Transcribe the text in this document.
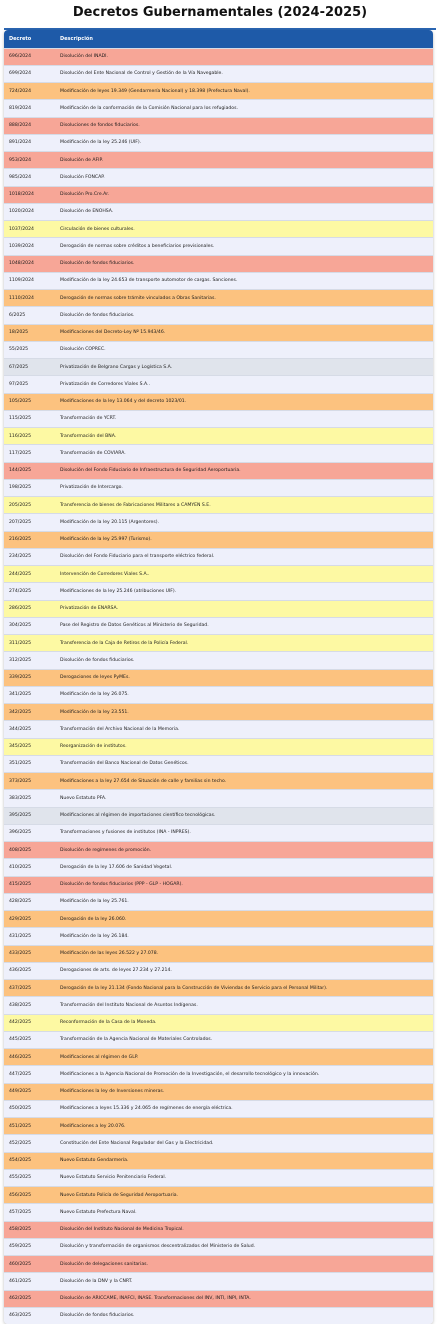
Decretos Gubernamentales (2024-2025)
Decreto	Descripción
696/2024	Disolución del INADI.
699/2024	Disolución del Ente Nacional de Control y Gestión de la Vía Navegable.
724/2024	Modificación de leyes 19.349 (Gendarmería Nacional) y 18.398 (Prefectura Naval).
819/2024	Modificación de la conformación de la Comisión Nacional para los refugiados.
888/2024	Disoluciones de fondos fiduciarios.
891/2024	Modificación de la ley 25.246 (UIF).
953/2024	Disolución de AFIP.
985/2024	Disolución FONCAP.
1018/2024	Disolución Pro.Cre.Ar.
1020/2024	Disolución de ENOHSA.
1037/2024	Circulación de bienes culturales.
1039/2024	Derogación de normas sobre créditos a beneficiarios previsionales.
1048/2024	Disolución de fondos fiduciarios.
1109/2024	Modificación de la ley 24.653 de transporte automotor de cargas. Sanciones.
1110/2024	Derogación de normas sobre trámite vinculados a Obras Sanitarias.
6/2025	Disolución de fondos fiduciarios.
18/2025	Modificaciones del Decreto-Ley Nº 15.943/46.
55/2025	Disolución COPREC.
67/2025	Privatización de Belgrano Cargas y Logística S.A.
97/2025	Privatización de Corredores Viales S.A..
105/2025	Modificaciones de la ley 13.064 y del decreto 1023/01.
115/2025	Transformación de YCRT.
116/2025	Transformación del BNA.
117/2025	Transformación de COVIARA.
144/2025	Disolución del Fondo Fiduciario de Infraestructura de Seguridad Aeroportuaria.
198/2025	Privatización de Intercargo.
205/2025	Transferencia de bienes de Fabricaciones Militares a CAMYEN S.E.
207/2025	Modificación de la ley 20.115 (Argentores).
216/2025	Modificación de la ley 25.997 (Turismo).
234/2025	Disolución del Fondo Fiduciario para el transporte eléctrico federal.
244/2025	Intervención de Corredores Viales S.A..
274/2025	Modificaciones de la ley 25.246 (atribuciones UIF).
286/2025	Privatización de ENARSA.
304/2025	Pase del Registro de Datos Genéticos al Ministerio de Seguridad.
311/2025	Transferencia de la Caja de Retiros de la Policía Federal.
312/2025	Disolución de fondos fiduciarios.
339/2025	Derogaciones de leyes PyMEs.
341/2025	Modificación de la ley 26.075.
342/2025	Modificación de la ley 23.551.
344/2025	Transformación del Archivo Nacional de la Memoria.
345/2025	Reorganización de institutos.
351/2025	Transformación del Banco Nacional de Datos Genéticos.
373/2025	Modificaciones a la ley 27.654 de Situación de calle y familias sin techo.
383/2025	Nuevo Estatuto PFA.
395/2025	Modificaciones al régimen de importaciones científico tecnológicas.
396/2025	Transformaciones y fusiones de institutos (INA - INPRES).
408/2025	Disolución de regímenes de promoción.
410/2025	Derogación de la ley 17.606 de Sanidad Vegetal.
415/2025	Disolución de fondos fiduciarios (PPP - GLP - HOGAR).
428/2025	Modificación de la ley 25.761.
429/2025	Derogación de la ley 26.060.
431/2025	Modificación de la ley 26.184.
433/2025	Modificación de las leyes 26.522 y 27.078.
436/2025	Derogaciones de arts. de leyes 27.234 y 27.214.
437/2025	Derogación de la ley 21.134 (Fondo Nacional para la Construcción de Viviendas de Servicio para el Personal Militar).
438/2025	Transformación del Instituto Nacional de Asuntos Indígenas.
442/2025	Reconformación de la Casa de la Moneda.
445/2025	Transformación de la Agencia Nacional de Materiales Controlados.
446/2025	Modificaciones al régimen de GLP.
447/2025	Modificaciones a la Agencia Nacional de Promoción de la Investigación, el desarrollo tecnológico y la innovación.
449/2025	Modificaciones la ley de Inversiones mineras.
450/2025	Modificaciones a leyes 15.336 y 24.065 de regímenes de energía eléctrica.
451/2025	Modificaciones a ley 20.076.
452/2025	Constitución del Ente Nacional Regulador del Gas y la Electricidad.
454/2025	Nuevo Estatuto Gendarmería.
455/2025	Nuevo Estatuto Servicio Penitenciario Federal.
456/2025	Nuevo Estatuto Policía de Seguridad Aeroportuaria.
457/2025	Nuevo Estatuto Prefectura Naval.
458/2025	Disolución del Instituto Nacional de Medicina Tropical.
459/2025	Disolución y transformación de organismos descentralizados del Ministerio de Salud.
460/2025	Disolución de delegaciones sanitarias.
461/2025	Disolución de la DNV y la CNRT.
462/2025	Disolución de ARICCAME, INAFCI, INASE. Transformaciones del INV, INTI, INPI, INTA.
463/2025	Disolución de fondos fiduciarios.
